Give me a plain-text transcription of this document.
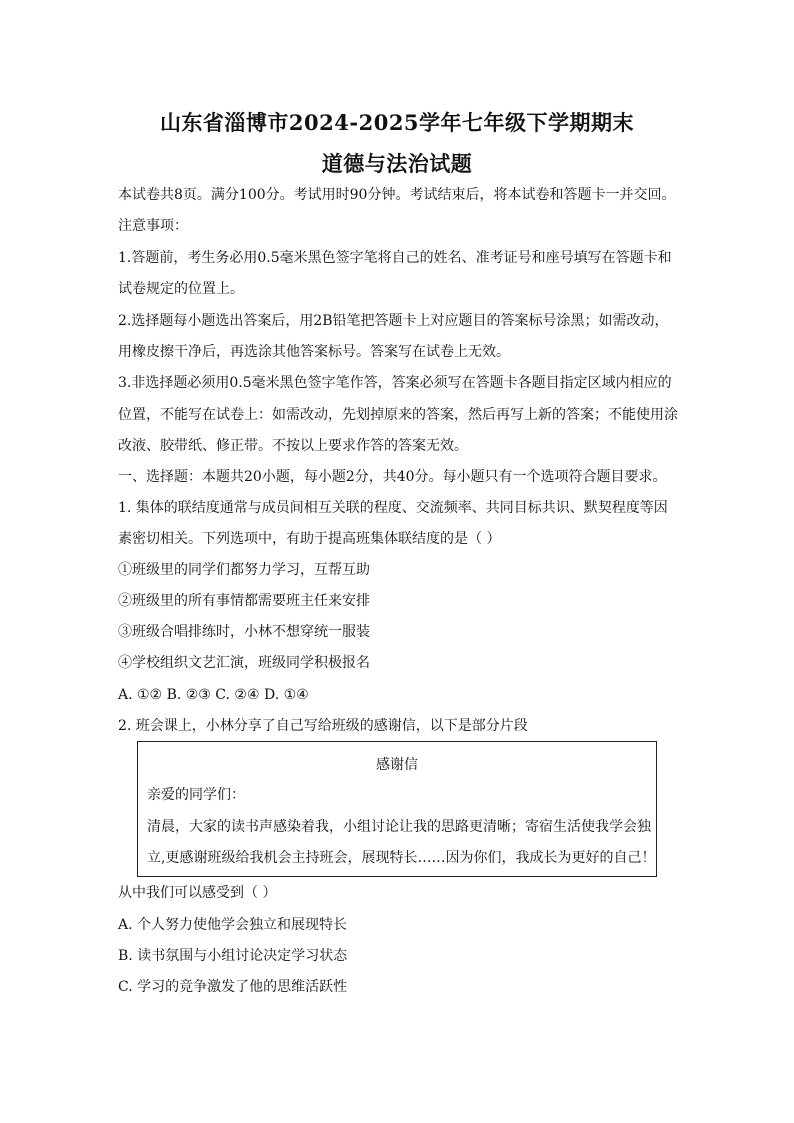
山东省淄博市2024-2025学年七年级下学期期末
道德与法治试题
本试卷共8页。满分100分。考试用时90分钟。考试结束后，将本试卷和答题卡一并交回。
注意事项：
1.答题前，考生务必用0.5毫米黑色签字笔将自己的姓名、准考证号和座号填写在答题卡和
试卷规定的位置上。
2.选择题每小题选出答案后，用2B铅笔把答题卡上对应题目的答案标号涂黑；如需改动，
用橡皮擦干净后，再选涂其他答案标号。答案写在试卷上无效。
3.非选择题必须用0.5毫米黑色签字笔作答，答案必须写在答题卡各题目指定区域内相应的
位置，不能写在试卷上：如需改动，先划掉原来的答案，然后再写上新的答案；不能使用涂
改液、胶带纸、修正带。不按以上要求作答的答案无效。
一、选择题：本题共20小题，每小题2分，共40分。每小题只有一个选项符合题目要求。
1. 集体的联结度通常与成员间相互关联的程度、交流频率、共同目标共识、默契程度等因
素密切相关。下列选项中，有助于提高班集体联结度的是（ ）
①班级里的同学们都努力学习，互帮互助
②班级里的所有事情都需要班主任来安排
③班级合唱排练时，小林不想穿统一服装
④学校组织文艺汇演，班级同学积极报名
A. ①② B. ②③ C. ②④ D. ①④
2. 班会课上，小林分享了自己写给班级的感谢信，以下是部分片段
感谢信
亲爱的同学们：
清晨，大家的读书声感染着我，小组讨论让我的思路更清晰；寄宿生活使我学会独
立,更感谢班级给我机会主持班会，展现特长……因为你们，我成长为更好的自己！
从中我们可以感受到（ ）
A. 个人努力使他学会独立和展现特长
B. 读书氛围与小组讨论决定学习状态
C. 学习的竞争激发了他的思维活跃性
